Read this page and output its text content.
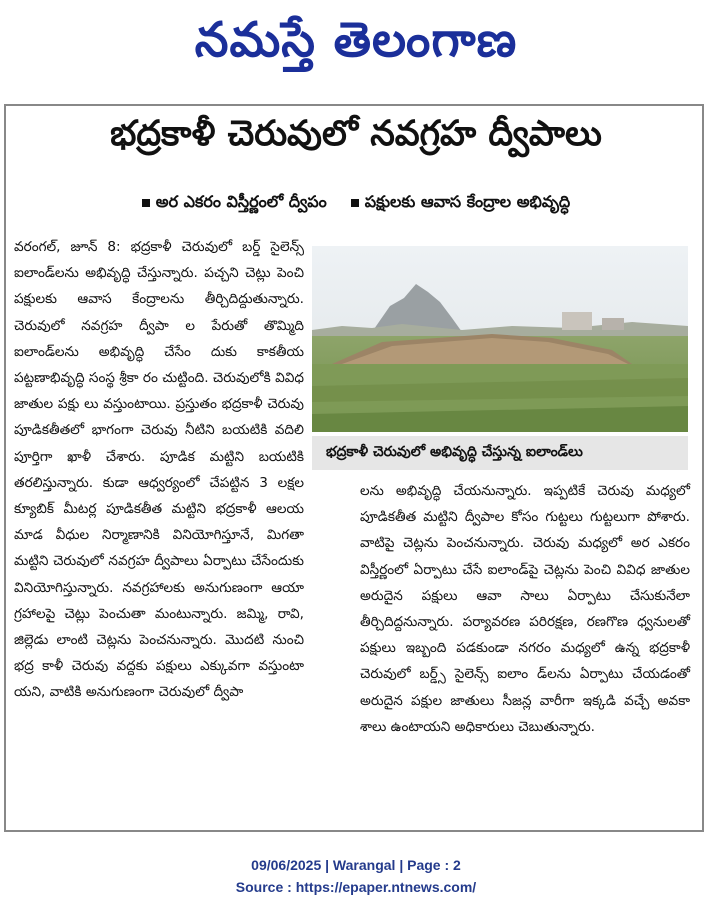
నమస్తే తెలంగాణ
భద్రకాళీ చెరువులో నవగ్రహ ద్వీపాలు
అర ఎకరం విస్తీర్ణంలో ద్వీపం	పక్షులకు ఆవాస కేంద్రాల అభివృద్ధి

వరంగల్, జూన్ 8: భద్రకాళీ చెరువులో బర్డ్ సైలెన్స్ ఐలాండ్‌లను అభివృద్ధి చేస్తున్నారు. పచ్చని చెట్లు పెంచి పక్షులకు ఆవాస కేంద్రాలను తీర్చిదిద్దుతున్నారు. చెరువులో నవగ్రహ ద్వీపా ల పేరుతో తొమ్మిది ఐలాండ్‌లను అభివృద్ధి చేసేం దుకు కాకతీయ పట్టణాభివృద్ధి సంస్థ శ్రీకా రం చుట్టింది. చెరువులోకి వివిధ జాతుల పక్షు లు వస్తుంటాయి. ప్రస్తుతం భద్రకాళీ చెరువు పూడికతీతలో భాగంగా చెరువు నీటిని బయటికి వదిలి పూర్తిగా ఖాళీ చేశారు. పూడిక మట్టిని బయటికి తరలిస్తున్నారు. కుడా ఆధ్వర్యంలో చేపట్టిన 3 లక్షల క్యూబిక్ మీటర్ల పూడికతీత మట్టిని భద్రకాళీ ఆలయ మాడ వీధుల నిర్మాణానికి వినియోగిస్తూనే, మిగతా మట్టిని చెరువులో నవగ్రహ ద్వీపాలు ఏర్పాటు చేసేందుకు వినియోగిస్తున్నారు. నవగ్రహాలకు అనుగుణంగా ఆయా గ్రహాలపై చెట్లు పెంచుతా మంటున్నారు. జమ్మి, రావి, జిల్లెడు లాంటి చెట్లను పెంచనున్నారు. మొదటి నుంచి భద్ర కాళీ చెరువు వద్దకు పక్షులు ఎక్కువగా వస్తుంటా యని, వాటికి అనుగుణంగా చెరువులో ద్వీపా

భద్రకాళీ చెరువులో అభివృద్ధి చేస్తున్న ఐలాండ్‌లు

లను అభివృద్ధి చేయనున్నారు. ఇప్పటికే చెరువు మధ్యలో పూడికతీత మట్టిని ద్వీపాల కోసం గుట్టలు గుట్టలుగా పోశారు. వాటిపై చెట్లను పెంచనున్నారు. చెరువు మధ్యలో అర ఎకరం విస్తీర్ణంలో ఏర్పాటు చేసే ఐలాండ్‌పై చెట్లను పెంచి వివిధ జాతుల అరుదైన పక్షులు ఆవా సాలు ఏర్పాటు చేసుకునేలా తీర్చిదిద్దనున్నారు. పర్యావరణ పరిరక్షణ, రణగొణ ధ్వనులతో పక్షులు ఇబ్బంది పడకుండా నగరం మధ్యలో ఉన్న భద్రకాళీ చెరువులో బర్డ్స్ సైలెన్స్ ఐలాం డ్‌లను ఏర్పాటు చేయడంతో అరుదైన పక్షుల జాతులు సీజన్ల వారీగా ఇక్కడి వచ్చే అవకా శాలు ఉంటాయని అధికారులు చెబుతున్నారు.

09/06/2025 | Warangal | Page : 2
Source : https://epaper.ntnews.com/
